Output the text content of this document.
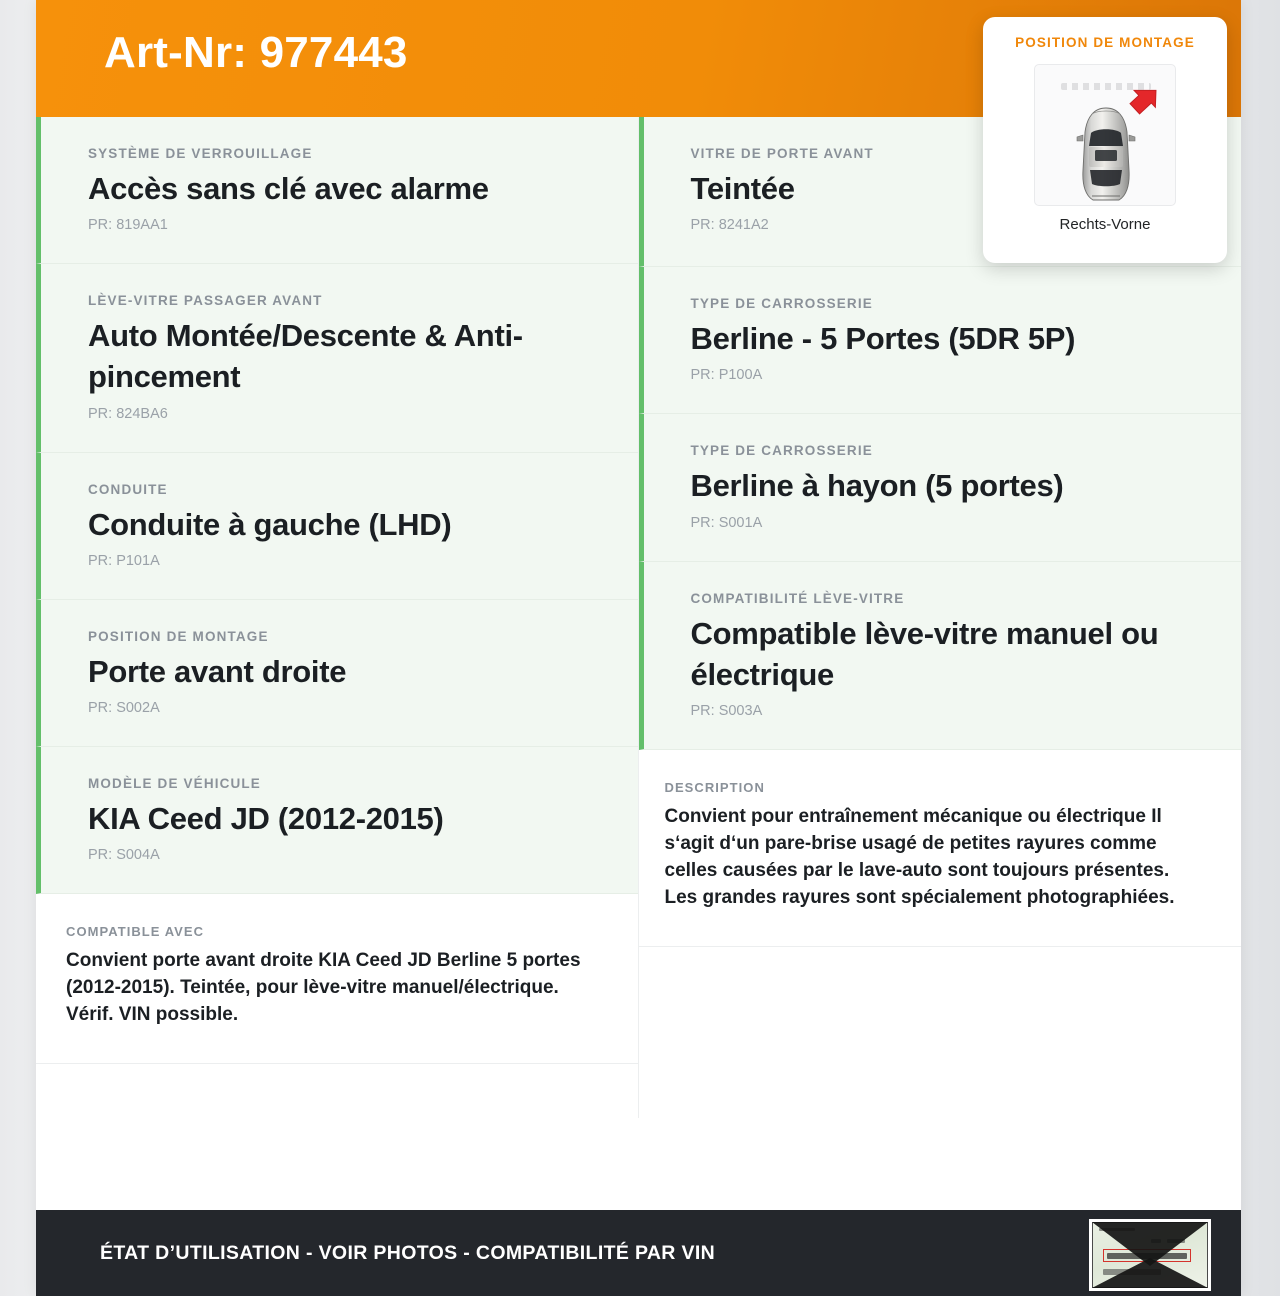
Art-Nr: 977443	POSITION DE MONTAGE
Rechts-Vorne
SYSTÈME DE VERROUILLAGE
Accès sans clé avec alarme
PR: 819AA1
LÈVE-VITRE PASSAGER AVANT
Auto Montée/Descente & Anti-pincement
PR: 824BA6
CONDUITE
Conduite à gauche (LHD)
PR: P101A
POSITION DE MONTAGE
Porte avant droite
PR: S002A
MODÈLE DE VÉHICULE
KIA Ceed JD (2012-2015)
PR: S004A
COMPATIBLE AVEC
Convient porte avant droite KIA Ceed JD Berline 5 portes (2012-2015). Teintée, pour lève-vitre manuel/électrique. Vérif. VIN possible.
VITRE DE PORTE AVANT
Teintée
PR: 8241A2
TYPE DE CARROSSERIE
Berline - 5 Portes (5DR 5P)
PR: P100A
TYPE DE CARROSSERIE
Berline à hayon (5 portes)
PR: S001A
COMPATIBILITÉ LÈVE-VITRE
Compatible lève-vitre manuel ou électrique
PR: S003A
DESCRIPTION
Convient pour entraînement mécanique ou électrique Il s‘agit d‘un pare-brise usagé de petites rayures comme celles causées par le lave-auto sont toujours présentes. Les grandes rayures sont spécialement photographiées.
ÉTAT D’UTILISATION - VOIR PHOTOS - COMPATIBILITÉ PAR VIN
